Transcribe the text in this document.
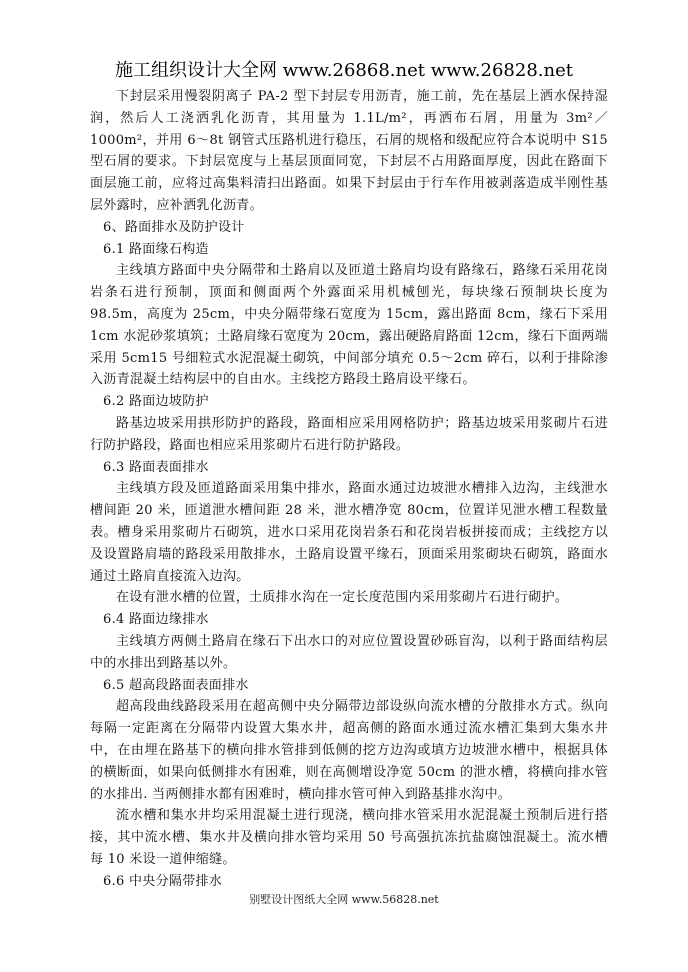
施工组织设计大全网 www.26868.net www.26828.net

下封层采用慢裂阴离子 PA-2 型下封层专用沥青，施工前，先在基层上洒水保持湿润，然后人工浇洒乳化沥青，其用量为 1.1L/m²，再洒布石屑，用量为 3m²／1000m²，并用 6～8t 钢管式压路机进行稳压，石屑的规格和级配应符合本说明中 S15 型石屑的要求。下封层宽度与上基层顶面同宽，下封层不占用路面厚度，因此在路面下面层施工前，应将过高集料清扫出路面。如果下封层由于行车作用被剥落造成半刚性基层外露时，应补洒乳化沥青。

6、路面排水及防护设计

6.1 路面缘石构造

主线填方路面中央分隔带和土路肩以及匝道土路肩均设有路缘石，路缘石采用花岗岩条石进行预制，顶面和侧面两个外露面采用机械刨光，每块缘石预制块长度为 98.5m，高度为 25cm，中央分隔带缘石宽度为 15cm，露出路面 8cm，缘石下采用 1cm 水泥砂浆填筑；土路肩缘石宽度为 20cm，露出硬路肩路面 12cm，缘石下面两端采用 5cm15 号细粒式水泥混凝土砌筑，中间部分填充 0.5～2cm 碎石，以利于排除渗入沥青混凝土结构层中的自由水。主线挖方路段土路肩设平缘石。

6.2 路面边坡防护

路基边坡采用拱形防护的路段，路面相应采用网格防护；路基边坡采用浆砌片石进行防护路段，路面也相应采用浆砌片石进行防护路段。

6.3 路面表面排水

主线填方段及匝道路面采用集中排水，路面水通过边坡泄水槽排入边沟，主线泄水槽间距 20 米，匝道泄水槽间距 28 米，泄水槽净宽 80cm，位置详见泄水槽工程数量表。槽身采用浆砌片石砌筑，进水口采用花岗岩条石和花岗岩板拼接而成；主线挖方以及设置路肩墙的路段采用散排水，土路肩设置平缘石，顶面采用浆砌块石砌筑，路面水通过土路肩直接流入边沟。

在设有泄水槽的位置，土质排水沟在一定长度范围内采用浆砌片石进行砌护。

6.4 路面边缘排水

主线填方两侧土路肩在缘石下出水口的对应位置设置砂砾盲沟，以利于路面结构层中的水排出到路基以外。

6.5 超高段路面表面排水

超高段曲线路段采用在超高侧中央分隔带边部设纵向流水槽的分散排水方式。纵向每隔一定距离在分隔带内设置大集水井，超高侧的路面水通过流水槽汇集到大集水井中，在由埋在路基下的横向排水管排到低侧的挖方边沟或填方边坡泄水槽中，根据具体的横断面，如果向低侧排水有困难，则在高侧增设净宽 50cm 的泄水槽，将横向排水管的水排出. 当两侧排水都有困难时，横向排水管可伸入到路基排水沟中。

流水槽和集水井均采用混凝土进行现浇，横向排水管采用水泥混凝土预制后进行搭接，其中流水槽、集水井及横向排水管均采用 50 号高强抗冻抗盐腐蚀混凝土。流水槽每 10 米设一道伸缩缝。

6.6 中央分隔带排水

别墅设计图纸大全网 www.56828.net
